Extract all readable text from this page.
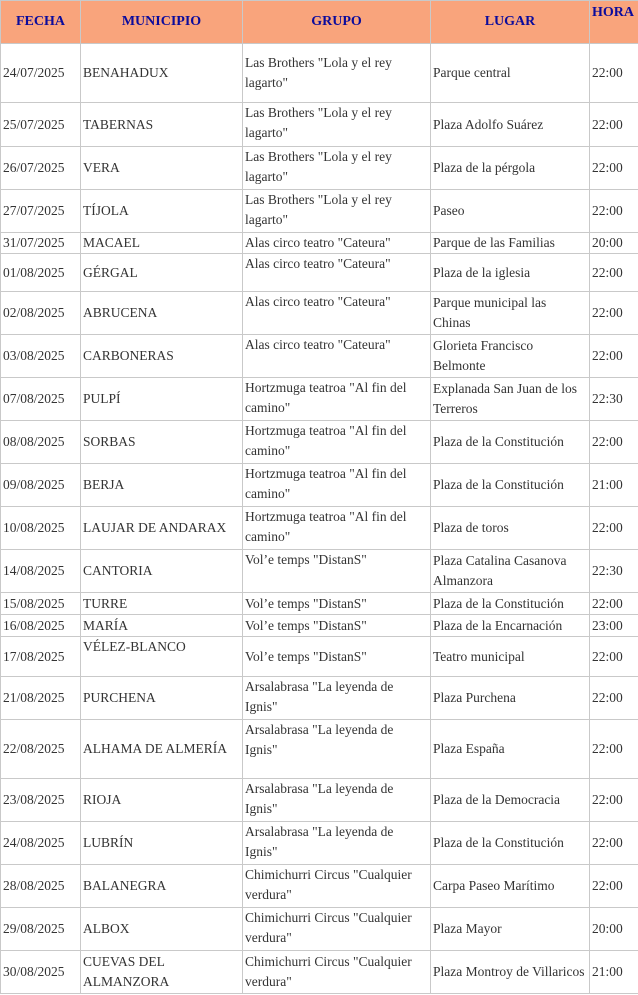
FECHA	MUNICIPIO	GRUPO	LUGAR	HORA
24/07/2025	BENAHADUX	Las Brothers "Lola y el rey lagarto"	Parque central	22:00
25/07/2025	TABERNAS	Las Brothers "Lola y el rey lagarto"	Plaza Adolfo Suárez	22:00
26/07/2025	VERA	Las Brothers "Lola y el rey lagarto"	Plaza de la pérgola	22:00
27/07/2025	TÍJOLA	Las Brothers "Lola y el rey lagarto"	Paseo	22:00
31/07/2025	MACAEL	Alas circo teatro "Cateura"	Parque de las Familias	20:00
01/08/2025	GÉRGAL	Alas circo teatro "Cateura"	Plaza de la iglesia	22:00
02/08/2025	ABRUCENA	Alas circo teatro "Cateura"	Parque municipal las Chinas	22:00
03/08/2025	CARBONERAS	Alas circo teatro "Cateura"	Glorieta Francisco Belmonte	22:00
07/08/2025	PULPÍ	Hortzmuga teatroa "Al fin del camino"	Explanada San Juan de los Terreros	22:30
08/08/2025	SORBAS	Hortzmuga teatroa "Al fin del camino"	Plaza de la Constitución	22:00
09/08/2025	BERJA	Hortzmuga teatroa "Al fin del camino"	Plaza de la Constitución	21:00
10/08/2025	LAUJAR DE ANDARAX	Hortzmuga teatroa "Al fin del camino"	Plaza de toros	22:00
14/08/2025	CANTORIA	Vol’e temps "DistanS"	Plaza Catalina Casanova Almanzora	22:30
15/08/2025	TURRE	Vol’e temps "DistanS"	Plaza de la Constitución	22:00
16/08/2025	MARÍA	Vol’e temps "DistanS"	Plaza de la Encarnación	23:00
17/08/2025	VÉLEZ-BLANCO	Vol’e temps "DistanS"	Teatro municipal	22:00
21/08/2025	PURCHENA	Arsalabrasa "La leyenda de Ignis"	Plaza Purchena	22:00
22/08/2025	ALHAMA DE ALMERÍA	Arsalabrasa "La leyenda de Ignis"	Plaza España	22:00
23/08/2025	RIOJA	Arsalabrasa "La leyenda de Ignis"	Plaza de la Democracia	22:00
24/08/2025	LUBRÍN	Arsalabrasa "La leyenda de Ignis"	Plaza de la Constitución	22:00
28/08/2025	BALANEGRA	Chimichurri Circus "Cualquier verdura"	Carpa Paseo Marítimo	22:00
29/08/2025	ALBOX	Chimichurri Circus "Cualquier verdura"	Plaza Mayor	20:00
30/08/2025	CUEVAS DEL ALMANZORA	Chimichurri Circus "Cualquier verdura"	Plaza Montroy de Villaricos	21:00
